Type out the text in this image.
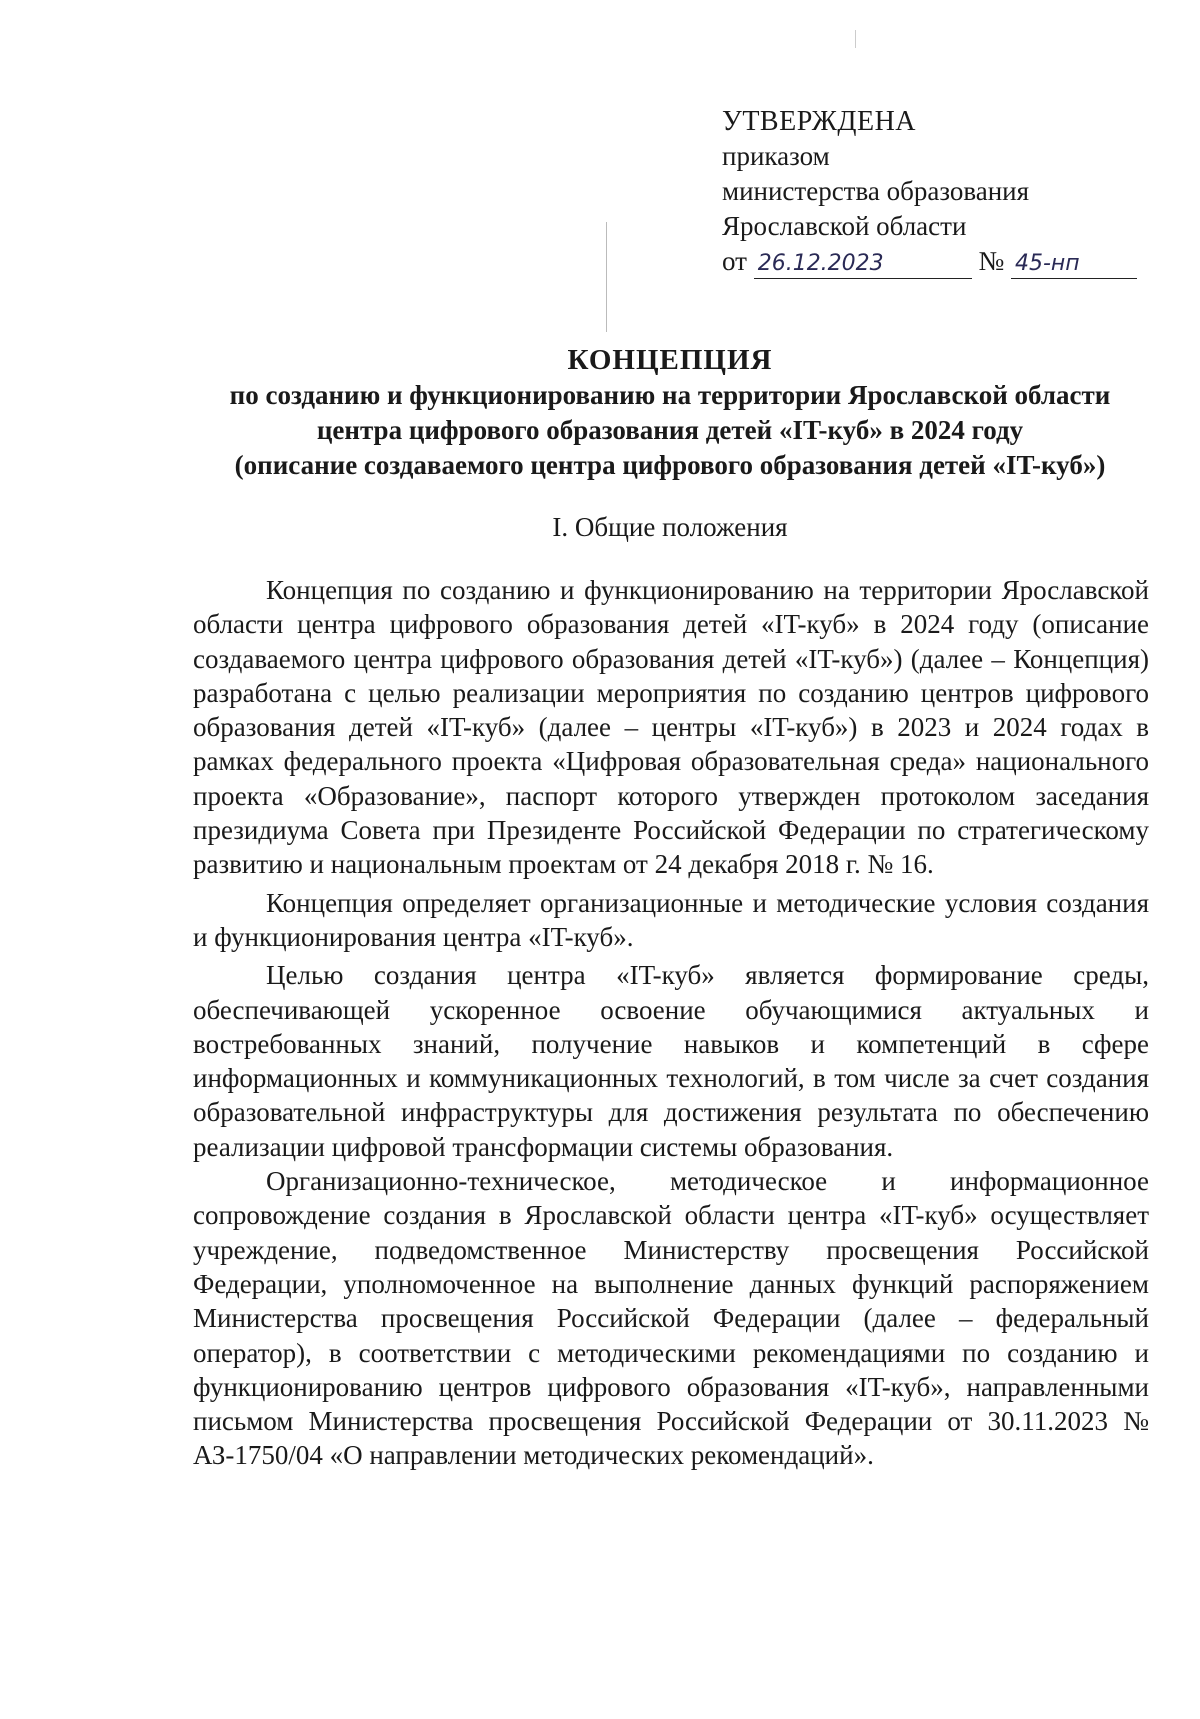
УТВЕРЖДЕНА
приказом
министерства образования
Ярославской области
от 26.12.2023	№ 45-нп
КОНЦЕПЦИЯ
по созданию и функционированию на территории Ярославской области
центра цифрового образования детей «IT-куб» в 2024 году
(описание создаваемого центра цифрового образования детей «IT-куб»)
I. Общие положения

Концепция по созданию и функционированию на территории Ярославской области центра цифрового образования детей «IT-куб» в 2024 году (описание создаваемого центра цифрового образования детей «IT-куб») (далее – Концепция) разработана с целью реализации мероприятия по созданию центров цифрового образования детей «IT-куб» (далее – центры «IT-куб») в 2023 и 2024 годах в рамках федерального проекта «Цифровая образовательная среда» национального проекта «Образование», паспорт которого утвержден протоколом заседания президиума Совета при Президенте Российской Федерации по стратегическому развитию и национальным проектам от 24 декабря 2018 г. № 16.

Концепция определяет организационные и методические условия создания и функционирования центра «IT-куб».

Целью создания центра «IT-куб» является формирование среды, обеспечивающей ускоренное освоение обучающимися актуальных и востребованных знаний, получение навыков и компетенций в сфере информационных и коммуникационных технологий, в том числе за счет создания образовательной инфраструктуры для достижения результата по обеспечению реализации цифровой трансформации системы образования.

Организационно-техническое, методическое и информационное сопровождение создания в Ярославской области центра «IT-куб» осуществляет учреждение, подведомственное Министерству просвещения Российской Федерации, уполномоченное на выполнение данных функций распоряжением Министерства просвещения Российской Федерации (далее – федеральный оператор), в соответствии с методическими рекомендациями по созданию и функционированию центров цифрового образования «IT-куб», направленными письмом Министерства просвещения Российской Федерации от 30.11.2023 № АЗ-1750/04 «О направлении методических рекомендаций».
